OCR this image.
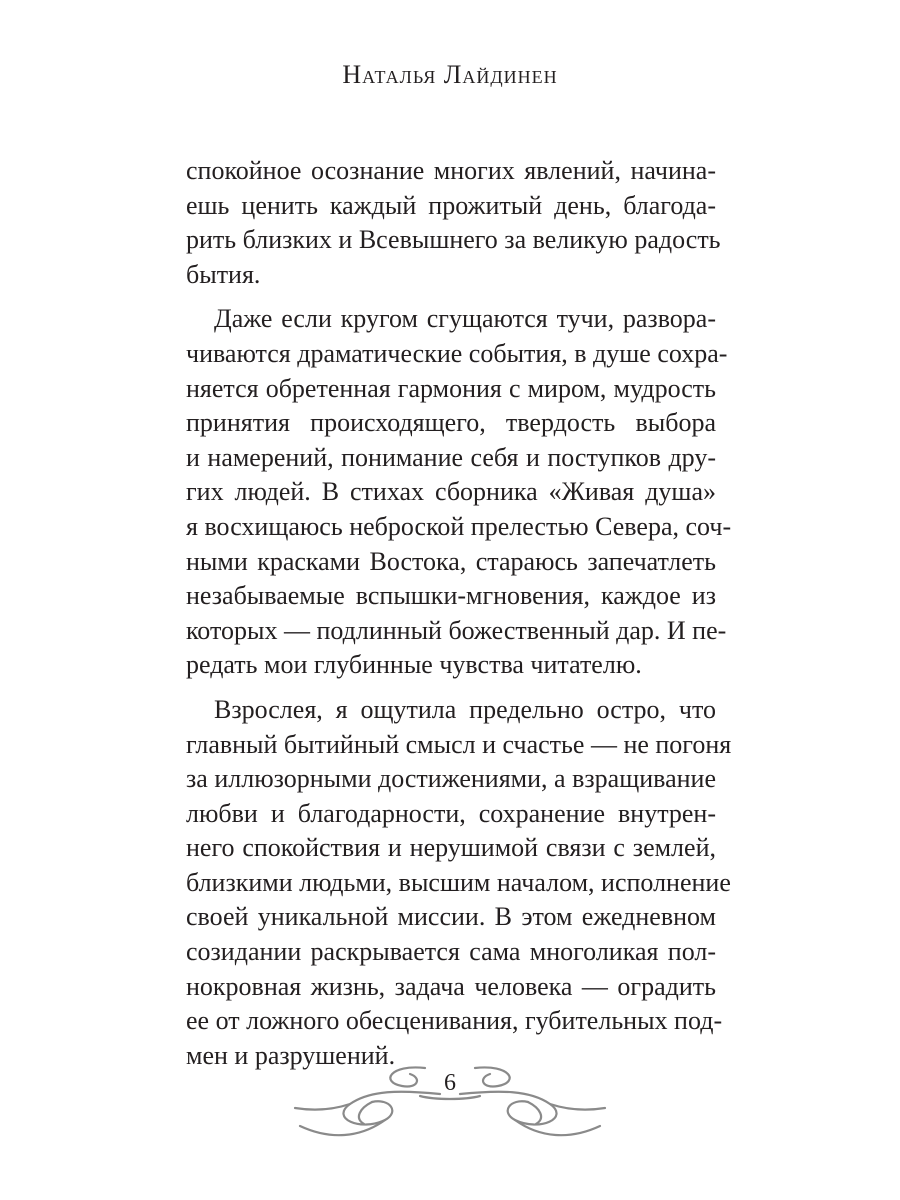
Наталья Лайдинен
спокойное осознание многих явлений, начина-
ешь ценить каждый прожитый день, благода-
рить близких и Всевышнего за великую радость
бытия.
Даже если кругом сгущаются тучи, развора-
чиваются драматические события, в душе сохра-
няется обретенная гармония с миром, мудрость
принятия происходящего, твердость выбора
и намерений, понимание себя и поступков дру-
гих людей. В стихах сборника «Живая душа»
я восхищаюсь неброской прелестью Севера, соч-
ными красками Востока, стараюсь запечатлеть
незабываемые вспышки-мгновения, каждое из
которых — подлинный божественный дар. И пе-
редать мои глубинные чувства читателю.
Взрослея, я ощутила предельно остро, что
главный бытийный смысл и счастье — не погоня
за иллюзорными достижениями, а взращивание
любви и благодарности, сохранение внутрен-
него спокойствия и нерушимой связи с землей,
близкими людьми, высшим началом, исполнение
своей уникальной миссии. В этом ежедневном
созидании раскрывается сама многоликая пол-
нокровная жизнь, задача человека — оградить
ее от ложного обесценивания, губительных под-
мен и разрушений.
6
